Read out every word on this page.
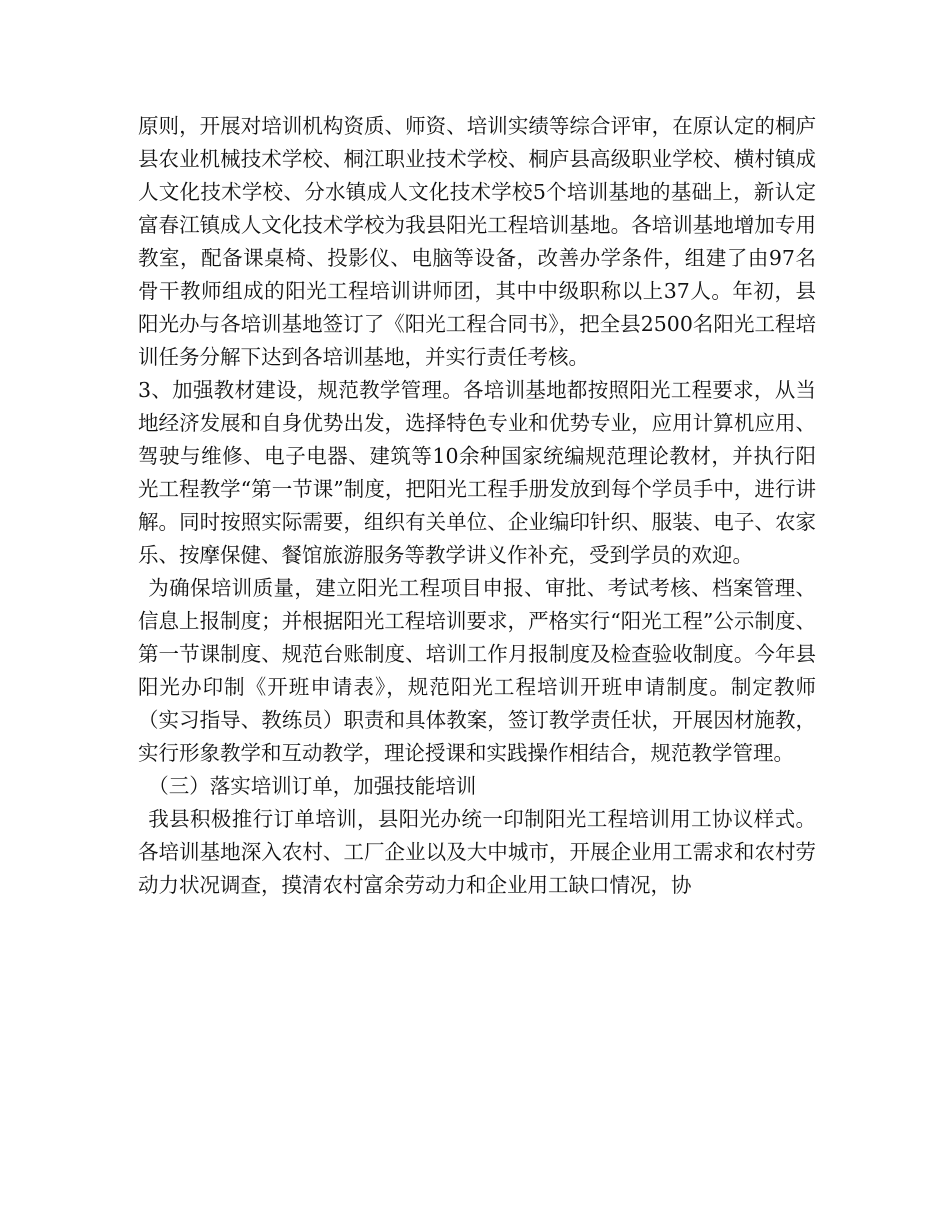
原则，开展对培训机构资质、师资、培训实绩等综合评审，在原认定的桐庐县农业机械技术学校、桐江职业技术学校、桐庐县高级职业学校、横村镇成人文化技术学校、分水镇成人文化技术学校5个培训基地的基础上，新认定富春江镇成人文化技术学校为我县阳光工程培训基地。各培训基地增加专用教室，配备课桌椅、投影仪、电脑等设备，改善办学条件，组建了由97名骨干教师组成的阳光工程培训讲师团，其中中级职称以上37人。年初，县阳光办与各培训基地签订了《阳光工程合同书》，把全县2500名阳光工程培训任务分解下达到各培训基地，并实行责任考核。

3、加强教材建设，规范教学管理。各培训基地都按照阳光工程要求，从当地经济发展和自身优势出发，选择特色专业和优势专业，应用计算机应用、驾驶与维修、电子电器、建筑等10余种国家统编规范理论教材，并执行阳光工程教学“第一节课”制度，把阳光工程手册发放到每个学员手中，进行讲解。同时按照实际需要，组织有关单位、企业编印针织、服装、电子、农家乐、按摩保健、餐馆旅游服务等教学讲义作补充，受到学员的欢迎。

为确保培训质量，建立阳光工程项目申报、审批、考试考核、档案管理、信息上报制度；并根据阳光工程培训要求，严格实行“阳光工程”公示制度、第一节课制度、规范台账制度、培训工作月报制度及检查验收制度。今年县阳光办印制《开班申请表》，规范阳光工程培训开班申请制度。制定教师（实习指导、教练员）职责和具体教案，签订教学责任状，开展因材施教，实行形象教学和互动教学，理论授课和实践操作相结合，规范教学管理。

（三）落实培训订单，加强技能培训

我县积极推行订单培训，县阳光办统一印制阳光工程培训用工协议样式。各培训基地深入农村、工厂企业以及大中城市，开展企业用工需求和农村劳动力状况调查，摸清农村富余劳动力和企业用工缺口情况，协
